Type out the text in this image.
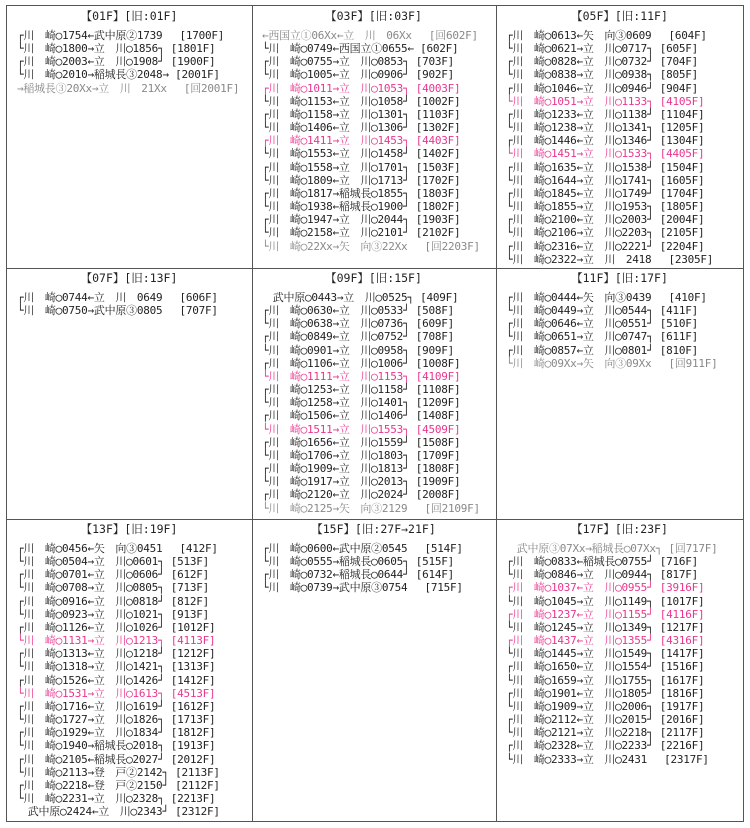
【01F】[旧:01F]
┌川　崎◯1754←武中原②1739　 [1700F]
└川　崎◯1800→立　川◯1856┐ [1801F]
┌川　崎◯2003←立　川◯1908┘ [1900F]
└川　崎◯2010→稲城長③2048→ [2001F]
→稲城長③20Xx→立　川　21Xx　 [回2001F]
【03F】[旧:03F]
←西国立①06Xx←立　川　06Xx　 [回602F]
└川　崎◯0749←西国立①0655← [602F]
┌川　崎◯0755→立　川◯0853┐ [703F]
└川　崎◯1005←立　川◯0906┘ [902F]
┌川　崎◯1011→立　川◯1053┐ [4003F]
└川　崎◯1153←立　川◯1058┘ [1002F]
┌川　崎◯1158→立　川◯1301┐ [1103F]
└川　崎◯1406←立　川◯1306┘ [1302F]
┌川　崎◯1411→立　川◯1453┐ [4403F]
└川　崎◯1553←立　川◯1458┘ [1402F]
┌川　崎◯1558→立　川◯1701┐ [1503F]
└川　崎◯1809←立　川◯1713┘ [1702F]
┌川　崎◯1817→稲城長◯1855┐ [1803F]
└川　崎◯1938←稲城長◯1900┘ [1802F]
┌川　崎◯1947→立　川◯2044┐ [1903F]
└川　崎◯2158←立　川◯2101┘ [2102F]
└川　崎◯22Xx→矢　向③22Xx　 [回2203F]
【05F】[旧:11F]
┌川　崎◯0613←矢　向③0609　 [604F]
└川　崎◯0621→立　川◯0717┐ [605F]
┌川　崎◯0828←立　川◯0732┘ [704F]
└川　崎◯0838→立　川◯0938┐ [805F]
┌川　崎◯1046←立　川◯0946┘ [904F]
└川　崎◯1051→立　川◯1133┐ [4105F]
┌川　崎◯1233←立　川◯1138┘ [1104F]
└川　崎◯1238→立　川◯1341┐ [1205F]
┌川　崎◯1446←立　川◯1346┘ [1304F]
└川　崎◯1451→立　川◯1533┐ [4405F]
┌川　崎◯1635←立　川◯1538┘ [1504F]
└川　崎◯1644→立　川◯1741┐ [1605F]
┌川　崎◯1845←立　川◯1749┘ [1704F]
└川　崎◯1855→立　川◯1953┐ [1805F]
┌川　崎◯2100←立　川◯2003┘ [2004F]
└川　崎◯2106→立　川◯2203┐ [2105F]
┌川　崎◯2316←立　川◯2221┘ [2204F]
└川　崎◯2322→立　川　2418　 [2305F]
【07F】[旧:13F]
┌川　崎◯0744←立　川　0649　 [606F]
└川　崎◯0750→武中原③0805　 [707F]
【09F】[旧:15F]
　武中原◯0443→立　川◯0525┐ [409F]
┌川　崎◯0630←立　川◯0533┘ [508F]
└川　崎◯0638→立　川◯0736┐ [609F]
┌川　崎◯0849←立　川◯0752┘ [708F]
└川　崎◯0901→立　川◯0958┐ [909F]
┌川　崎◯1106←立　川◯1006┘ [1008F]
└川　崎◯1111→立　川◯1153┐ [4109F]
┌川　崎◯1253←立　川◯1158┘ [1108F]
└川　崎◯1258→立　川◯1401┐ [1209F]
┌川　崎◯1506←立　川◯1406┘ [1408F]
└川　崎◯1511→立　川◯1553┐ [4509F]
┌川　崎◯1656←立　川◯1559┘ [1508F]
└川　崎◯1706→立　川◯1803┐ [1709F]
┌川　崎◯1909←立　川◯1813┘ [1808F]
└川　崎◯1917→立　川◯2013┐ [1909F]
┌川　崎◯2120←立　川◯2024┘ [2008F]
└川　崎◯2125→矢　向③2129　 [回2109F]
【11F】[旧:17F]
┌川　崎◯0444←矢　向③0439　 [410F]
└川　崎◯0449→立　川◯0544┐ [411F]
┌川　崎◯0646←立　川◯0551┘ [510F]
└川　崎◯0651→立　川◯0747┐ [611F]
┌川　崎◯0857←立　川◯0801┘ [810F]
└川　崎◯09Xx→矢　向③09Xx　 [回911F]
【13F】[旧:19F]
┌川　崎◯0456←矢　向③0451　 [412F]
└川　崎◯0504→立　川◯0601┐ [513F]
┌川　崎◯0701←立　川◯0606┘ [612F]
└川　崎◯0708→立　川◯0805┐ [713F]
┌川　崎◯0916←立　川◯0818┘ [812F]
└川　崎◯0923→立　川◯1021┐ [913F]
┌川　崎◯1126←立　川◯1026┘ [1012F]
└川　崎◯1131→立　川◯1213┐ [4113F]
┌川　崎◯1313←立　川◯1218┘ [1212F]
└川　崎◯1318→立　川◯1421┐ [1313F]
┌川　崎◯1526←立　川◯1426┘ [1412F]
└川　崎◯1531→立　川◯1613┐ [4513F]
┌川　崎◯1716←立　川◯1619┘ [1612F]
└川　崎◯1727→立　川◯1826┐ [1713F]
┌川　崎◯1929←立　川◯1834┘ [1812F]
└川　崎◯1940→稲城長◯2018┐ [1913F]
┌川　崎◯2105←稲城長◯2027┘ [2012F]
└川　崎◯2113→登　戸②2142┐ [2113F]
┌川　崎◯2218←登　戸②2150┘ [2112F]
└川　崎◯2231→立　川◯2328┐ [2213F]
　武中原◯2424←立　川◯2343┘ [2312F]
【15F】[旧:27F→21F]
┌川　崎◯0600←武中原②0545　 [514F]
└川　崎◯0555→稲城長◯0605┐ [515F]
┌川　崎◯0732←稲城長◯0644┘ [614F]
└川　崎◯0739→武中原③0754　 [715F]
【17F】[旧:23F]
　武中原③07Xx→稲城長◯07Xx┐ [回717F]
┌川　崎◯0833←稲城長◯0755┘ [716F]
└川　崎◯0846→立　川◯0944┐ [817F]
┌川　崎◯1037←立　川◯0955┘ [3916F]
└川　崎◯1045→立　川◯1149┐ [1017F]
┌川　崎◯1237←立　川◯1155┘ [4116F]
└川　崎◯1245→立　川◯1349┐ [1217F]
┌川　崎◯1437←立　川◯1355┘ [4316F]
└川　崎◯1445→立　川◯1549┐ [1417F]
┌川　崎◯1650←立　川◯1554┘ [1516F]
└川　崎◯1659→立　川◯1755┐ [1617F]
┌川　崎◯1901←立　川◯1805┘ [1816F]
└川　崎◯1909→立　川◯2006┐ [1917F]
┌川　崎◯2112←立　川◯2015┘ [2016F]
└川　崎◯2121→立　川◯2218┐ [2117F]
┌川　崎◯2328←立　川◯2233┘ [2216F]
└川　崎◯2333→立　川◯2431　 [2317F]
